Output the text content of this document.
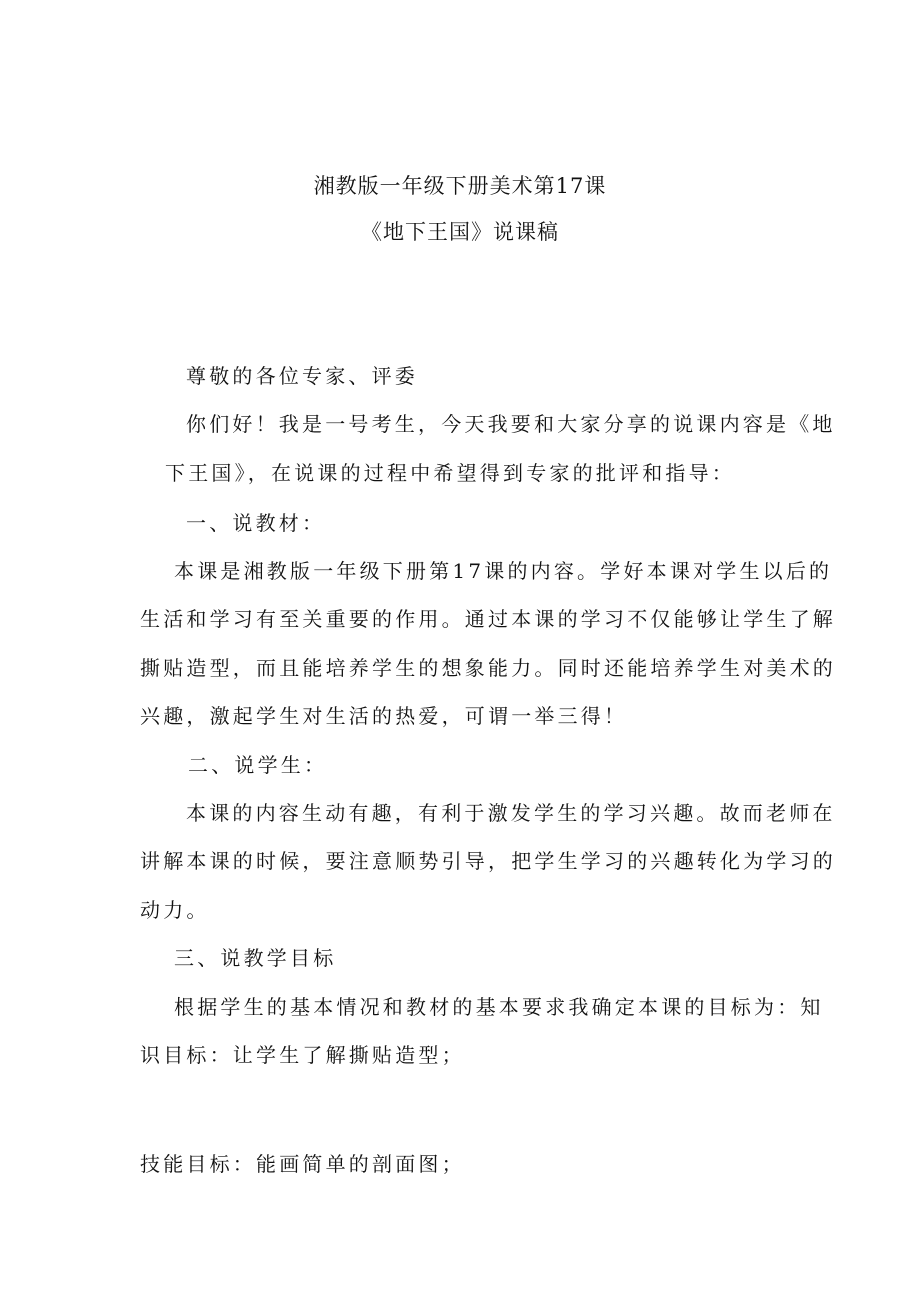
湘教版一年级下册美术第17课
《地下王国》说课稿
尊敬的各位专家、评委
你们好！我是一号考生，今天我要和大家分享的说课内容是《地
下王国》，在说课的过程中希望得到专家的批评和指导：
一、说教材：
本课是湘教版一年级下册第17课的内容。学好本课对学生以后的
生活和学习有至关重要的作用。通过本课的学习不仅能够让学生了解
撕贴造型，而且能培养学生的想象能力。同时还能培养学生对美术的
兴趣，激起学生对生活的热爱，可谓一举三得！
二、说学生：
本课的内容生动有趣，有利于激发学生的学习兴趣。故而老师在
讲解本课的时候，要注意顺势引导，把学生学习的兴趣转化为学习的
动力。
三、说教学目标
根据学生的基本情况和教材的基本要求我确定本课的目标为：知
识目标：让学生了解撕贴造型；
技能目标：能画简单的剖面图；
